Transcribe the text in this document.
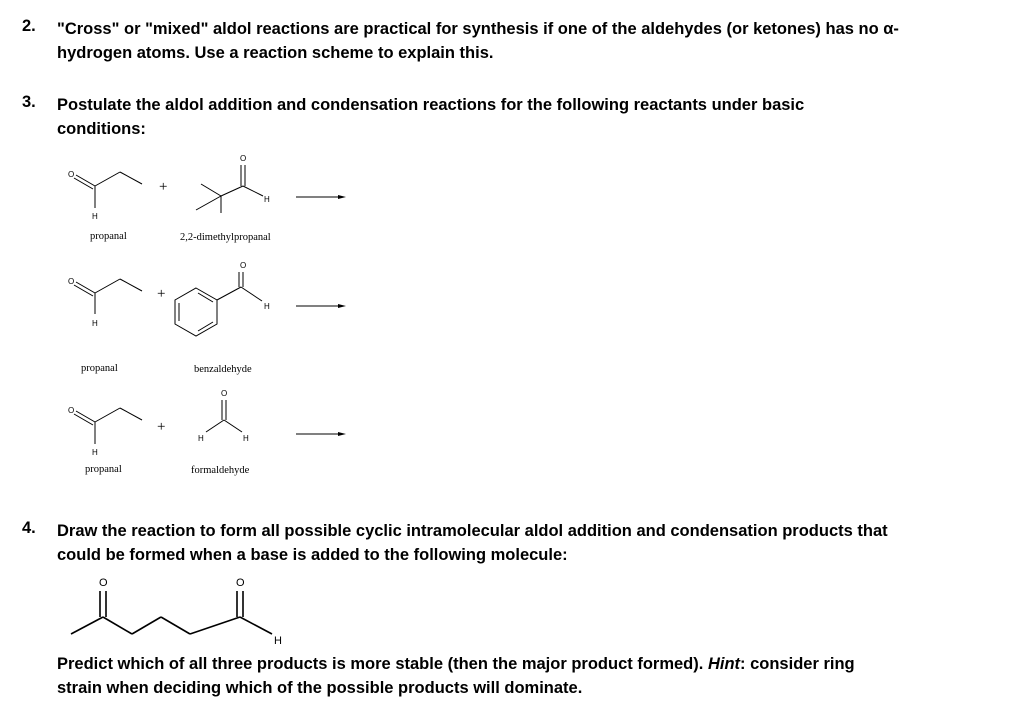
2. "Cross" or "mixed" aldol reactions are practical for synthesis if one of the aldehydes (or ketones) has no α-
hydrogen atoms. Use a reaction scheme to explain this.
3. Postulate the aldol addition and condensation reactions for the following reactants under basic
conditions:
4. Draw the reaction to form all possible cyclic intramolecular aldol addition and condensation products that
could be formed when a base is added to the following molecule:
Predict which of all three products is more stable (then the major product formed). Hint: consider ring
strain when deciding which of the possible products will dominate.
O
H
+
O
H
propanal	2,2-dimethylpropanal
O
H
+
O
H
propanal	benzaldehyde
O
H
+
O
H	H
propanal	formaldehyde
O	O
H
